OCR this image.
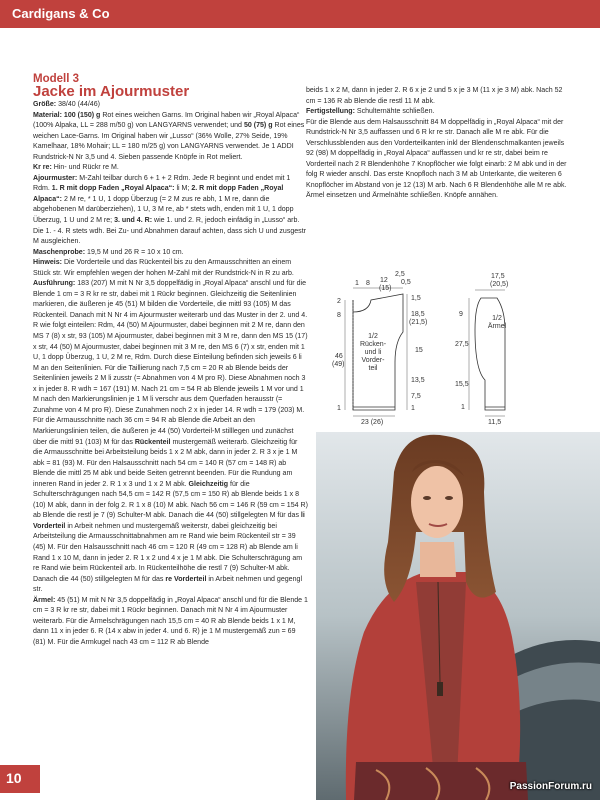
Cardigans & Co
Modell 3
Jacke im Ajourmuster

Größe: 38/40 (44/46)

Material: 100 (150) g Rot eines weichen Garns. Im Original haben wir „Royal Alpaca“ (100% Alpaka, LL = 288 m/50 g) von LANGYARNS verwendet; und 50 (75) g Rot eines weichen Lace-Garns. Im Original haben wir „Lusso“ (36% Wolle, 27% Seide, 19% Kamelhaar, 18% Mohair; LL = 180 m/25 g) von LANGYARNS verwendet. Je 1 ADDI Rundstrick-N Nr 3,5 und 4. Sieben passende Knöpfe in Rot meliert.

Kr re: Hin- und Rückr re M.

Ajourmuster: M-Zahl teilbar durch 6 + 1 + 2 Rdm. Jede R beginnt und endet mit 1 Rdm. 1. R mit dopp Faden „Royal Alpaca“: li M; 2. R mit dopp Faden „Royal Alpaca“: 2 M re, * 1 U, 1 dopp Überzug (= 2 M zus re abh, 1 M re, dann die abgehobenen M darüberziehen), 1 U, 3 M re, ab * stets wdh, enden mit 1 U, 1 dopp Überzug, 1 U und 2 M re; 3. und 4. R: wie 1. und 2. R, jedoch einfädig in „Lusso“ arb. Die 1. - 4. R stets wdh. Bei Zu- und Abnahmen darauf achten, dass sich U und zusgestr M ausgleichen.

Maschenprobe: 19,5 M und 26 R = 10 x 10 cm.

Hinweis: Die Vorderteile und das Rückenteil bis zu den Armausschnitten an einem Stück str. Wir empfehlen wegen der hohen M-Zahl mit der Rundstrick-N in R zu arb.

Ausführung: 183 (207) M mit N Nr 3,5 doppelfädig in „Royal Alpaca“ anschl und für die Blende 1 cm = 3 R kr re str, dabei mit 1 Rückr beginnen. Gleichzeitig die Seitenlinien markieren, die äußeren je 45 (51) M bilden die Vorderteile, die mittl 93 (105) M das Rückenteil. Danach mit N Nr 4 im Ajourmuster weiterarb und das Muster in der 2. und 4. R wie folgt einteilen: Rdm, 44 (50) M Ajourmuster, dabei beginnen mit 2 M re, dann den MS 7 (8) x str, 93 (105) M Ajourmuster, dabei beginnen mit 3 M re, dann den MS 15 (17) x str, 44 (50) M Ajourmuster, dabei beginnen mit 3 M re, den MS 6 (7) x str, enden mit 1 U, 1 dopp Überzug, 1 U, 2 M re, Rdm. Durch diese Einteilung befinden sich jeweils 6 li M an den Seitenlinien. Für die Taillierung nach 7,5 cm = 20 R ab Blende beids der Seitenlinien jeweils 2 M li zusstr (= Abnahmen von 4 M pro R). Diese Abnahmen noch 3 x in jeder 8. R wdh = 167 (191) M. Nach 21 cm = 54 R ab Blende jeweils 1 M vor und 1 M nach den Markierungslinien je 1 M li verschr aus dem Querfaden herausstr (= Zunahme von 4 M pro R). Diese Zunahmen noch 2 x in jeder 14. R wdh = 179 (203) M. Für die Armausschnitte nach 36 cm = 94 R ab Blende die Arbeit an den Markierungslinien teilen, die äußeren je 44 (50) Vorderteil-M stilllegen und zunächst über die mittl 91 (103) M für das Rückenteil mustergemäß weiterarb. Gleichzeitig für die Armausschnitte bei Arbeitsteilung beids 1 x 2 M abk, dann in jeder 2. R 3 x je 1 M abk = 81 (93) M. Für den Halsausschnitt nach 54 cm = 140 R (57 cm = 148 R) ab Blende die mittl 25 M abk und beide Seiten getrennt beenden. Für die Rundung am inneren Rand in jeder 2. R 1 x 3 und 1 x 2 M abk. Gleichzeitig für die Schulterschrägungen nach 54,5 cm = 142 R (57,5 cm = 150 R) ab Blende beids 1 x 8 (10) M abk, dann in der folg 2. R 1 x 8 (10) M abk. Nach 56 cm = 146 R (59 cm = 154 R) ab Blende die restl je 7 (9) Schulter-M abk. Danach die 44 (50) stillgelegten M für das li Vorderteil in Arbeit nehmen und mustergemäß weiterstr, dabei gleichzeitig bei Arbeitsteilung die Armausschnittabnahmen am re Rand wie beim Rückenteil str = 39 (45) M. Für den Halsausschnitt nach 46 cm = 120 R (49 cm = 128 R) ab Blende am li Rand 1 x 10 M, dann in jeder 2. R 1 x 2 und 4 x je 1 M abk. Die Schulterschrägung am re Rand wie beim Rückenteil arb. In Rückenteilhöhe die restl 7 (9) Schulter-M abk. Danach die 44 (50) stillgelegten M für das re Vorderteil in Arbeit nehmen und gegengl str.

Ärmel: 45 (51) M mit N Nr 3,5 doppelfädig in „Royal Alpaca“ anschl und für die Blende 1 cm = 3 R kr re str, dabei mit 1 Rückr beginnen. Danach mit N Nr 4 im Ajourmuster weiterarb. Für die Ärmelschrägungen nach 15,5 cm = 40 R ab Blende beids 1 x 1 M, dann 11 x in jeder 6. R (14 x abw in jeder 4. und 6. R) je 1 M mustergemäß zun = 69 (81) M. Für die Armkugel nach 43 cm = 112 R ab Blende

beids 1 x 2 M, dann in jeder 2. R 6 x je 2 und 5 x je 3 M (11 x je 3 M) abk. Nach 52 cm = 136 R ab Blende die restl 11 M abk.

Fertigstellung: Schulternähte schließen.

Für die Blende aus dem Halsausschnitt 84 M doppelfädig in „Royal Alpaca“ mit der Rundstrick-N Nr 3,5 auffassen und 6 R kr re str. Danach alle M re abk. Für die Verschlussblenden aus den Vorderteilkanten inkl der Blendenschmalkanten jeweils 92 (98) M doppelfädig in „Royal Alpaca“ auffassen und kr re str, dabei beim re Vorderteil nach 2 R Blendenhöhe 7 Knopflöcher wie folgt einarb: 2 M abk und in der folg R wieder anschl. Das erste Knopfloch nach 3 M ab Unterkante, die weiteren 6 Knopflöcher im Abstand von je 12 (13) M arb. Nach 6 R Blendenhöhe alle M re abk. Ärmel einsetzen und Ärmelnähte schließen. Knöpfe annähen.

1 8 12 (15)
2,5
0,5
2
8
46 (49)
1
1,5
18,5 (21,5)
15
13,5
7,5
1
1/2 Rücken-und li Vorder-teil
23 (26)
17,5 (20,5)
9
27,5
15,5
1
1/2 Ärmel
11,5
10
PassionForum.ru
